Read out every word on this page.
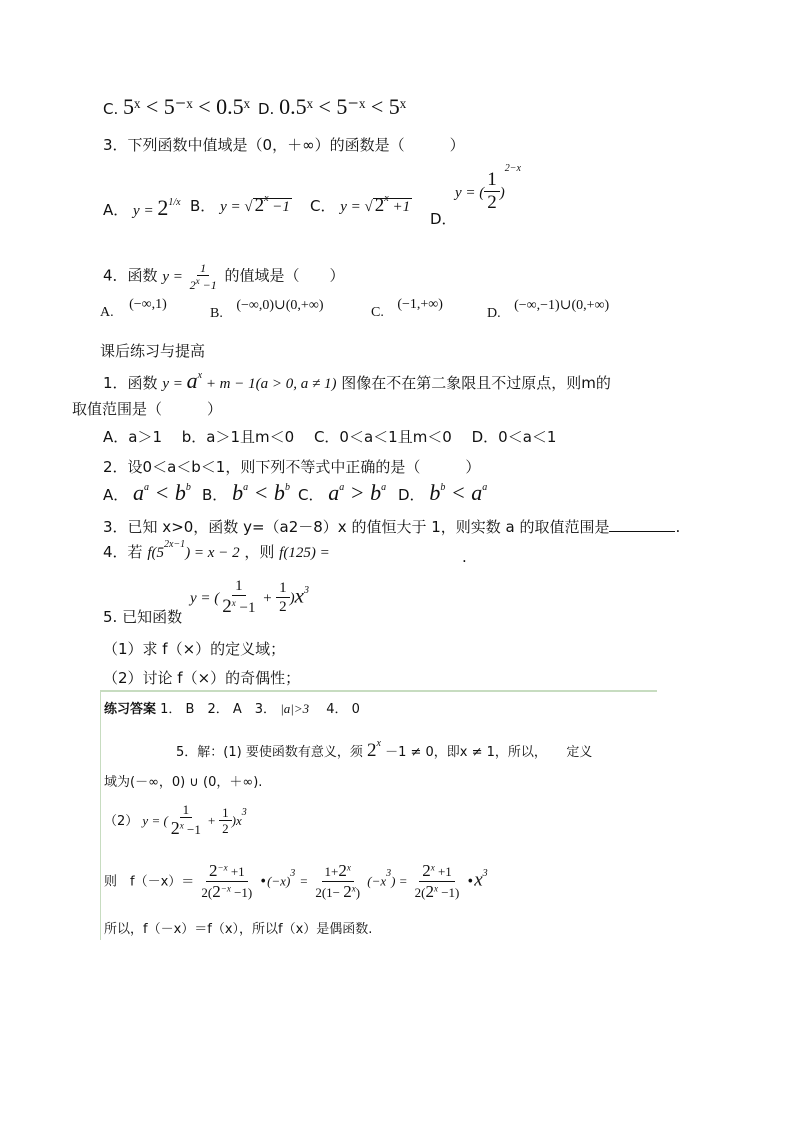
C. 5ˣ < 5⁻ˣ < 0.5ˣ D. 0.5ˣ < 5⁻ˣ < 5ˣ
3．下列函数中值域是（0，＋∞）的函数是（　　　）
A． $y = 2^{1/x}$ B． y = √ $2^x -1$ C． y = √ $2^x +1$
D．
y = ( $\frac{1}{2} )^{2-x}$
4．函数 $y = \frac{1}{2^x -1}$ 的值域是（　　）
A. (−∞,1)
B. (−∞,0)∪(0,+∞)	C. (−1,+∞)
D. (−∞,−1)∪(0,+∞)
课后练习与提高
1．函数 $y = a^x + m - 1(a > 0$, a ≠ 1) 图像在不在第二象限且不过原点，则m的
取值范围是（　　　）
A．a＞1　 b．a＞1且m＜0　 C．0＜a＜1且m＜0　 D．0＜a＜1
2．设0＜a＜b＜1，则下列不等式中正确的是（　　　）
A． $a^a < b^b$ B． $b^a < b^b$ C． $a^a > b^a$ D． $b^b < a^a$
3．已知 x>0，函数 y=（a2－8）x 的值恒大于 1，则实数 a 的取值范围是	.
4．若 $f(5^{2x-1}) = x - 2$ ，则 f(125) =	.
y = ( $\frac{1}{2^x -1} + \frac{1}{2} )x^3$
5. 已知函数
（1）求 f（×）的定义域；
（2）讨论 f（×）的奇偶性；
练习答案 1． B　2． A　3． |a|>3 　4． 0
5．解：(1) 要使函数有意义，须 $2^x -1 \ne 0$，即x ≠ 1，所以，　　定义
域为(－∞，0) ∪ (0，＋∞).
（2） y = ( $\frac{1}{2^x -1} + \frac{1}{2} )x^3$
则　$f(-x)= \frac{2^{-x} +1}{2(2^{-x} -1)}$ $•(-x)^3 = \frac{1+2^x}{2(1- 2^x)} (-x^3) = \frac{2^x +1}{2(2^x -1)}$ $•x^3$
所以，f（－x）＝f（x），所以f（x）是偶函数.
